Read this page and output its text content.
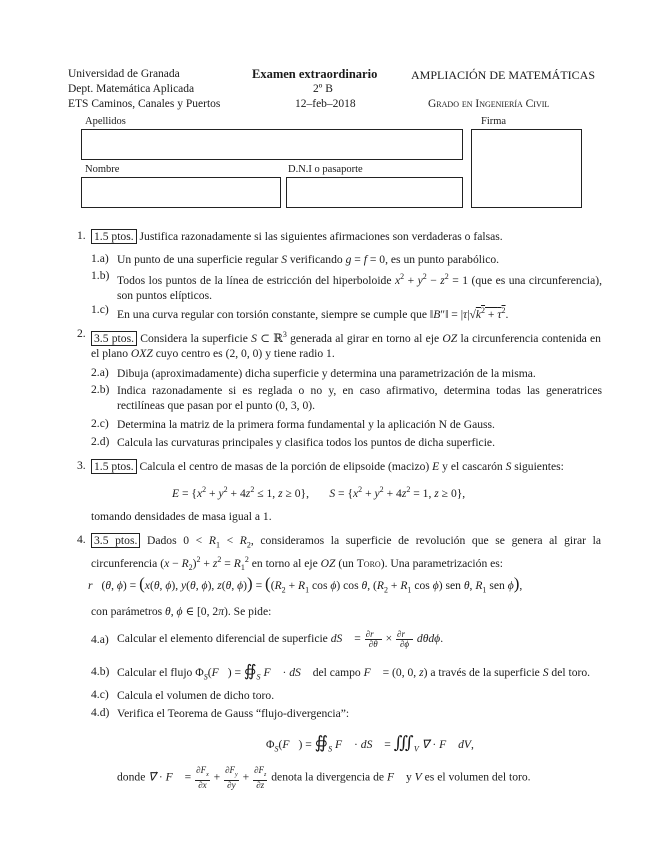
Universidad de Granada
Dept. Matemática Aplicada
ETS Caminos, Canales y Puertos
Examen extraordinario
2º B
12–feb–2018
AMPLIACIÓN DE MATEMÁTICAS
Grado en Ingeniería Civil
Apellidos	Firma
Nombre	D.N.I o pasaporte
1. 1.5 ptos. Justifica razonadamente si las siguientes afirmaciones son verdaderas o falsas.
1.a) Un punto de una superficie regular S verificando g = f = 0, es un punto parabólico.
1.b) Todos los puntos de la línea de estricción del hiperboloide $x^2 + y^2 - z^2 = 1$ (que es una circunferencia), son puntos elípticos.
1.c) En una curva regular con torsión constante, siempre se cumple que ‖B″‖ = $|\tau|√k^2 + \tau^2$.
2. 3.5 ptos. Considera la superficie S ⊂ ℝ$^3$ generada al girar en torno al eje OZ la circunferencia contenida en el plano OXZ cuyo centro es (2, 0, 0) y tiene radio 1.
2.a) Dibuja (aproximadamente) dicha superficie y determina una parametrización de la misma.
2.b) Indica razonadamente si es reglada o no y, en caso afirmativo, determina todas las generatrices rectilíneas que pasan por el punto (0, 3, 0).
2.c) Determina la matriz de la primera forma fundamental y la aplicación N de Gauss.
2.d) Calcula las curvaturas principales y clasifica todos los puntos de dicha superficie.
3. 1.5 ptos. Calcula el centro de masas de la porción de elipsoide (macizo) E y el cascarón S siguientes:
$E = \{x^2 + y^2 + 4z^2 \le 1$, z ≥ 0},       $S = \{x^2 + y^2 + 4z^2 = 1$, z ≥ 0},
tomando densidades de masa igual a 1.
4. 3.5 ptos. Dados $0 < R_1 < R_2$, consideramos la superficie de revolución que se genera al girar la circunferencia $(x - R_2)^2 + z^2 = R_1^2$ en torno al eje OZ (un Toro). Una parametrización es:
r⃗(θ, ϕ) = (x(θ, ϕ), y(θ, ϕ), z(θ, $\phi)) = ((R_2 + R_1$ cos ϕ) cos θ, ($R_2 + R_1$ cos ϕ) sen θ, $R_1$ sen ϕ),
con parámetros θ, ϕ ∈ [0, 2π). Se pide:
4.a) Calcular el elemento diferencial de superficie dS⃗ = $\frac{\partial r⃗}{\partial\theta} \times \frac{\partial r⃗}{\partial\phi} d\theta d\phi$.
4.b) Calcular el flujo $\Phi_S(F⃗)$ = $∯_S$ F⃗ · dS⃗ del campo F⃗ = (0, 0, z) a través de la superficie S del toro.
4.c) Calcula el volumen de dicho toro.
4.d) Verifica el Teorema de Gauss “flujo-divergencia”:
$\Phi_S(F⃗)$ = $∯_S$ F⃗ · dS⃗ = $∭_V$ ∇⃗ · F⃗ dV,
donde ∇⃗ · F⃗ = $\frac{\partial F_x}{\partial x} + \frac{\partial F_y}{\partial y} + \frac{\partial F_z}{\partial z}$ denota la divergencia de F⃗ y V es el volumen del toro.
